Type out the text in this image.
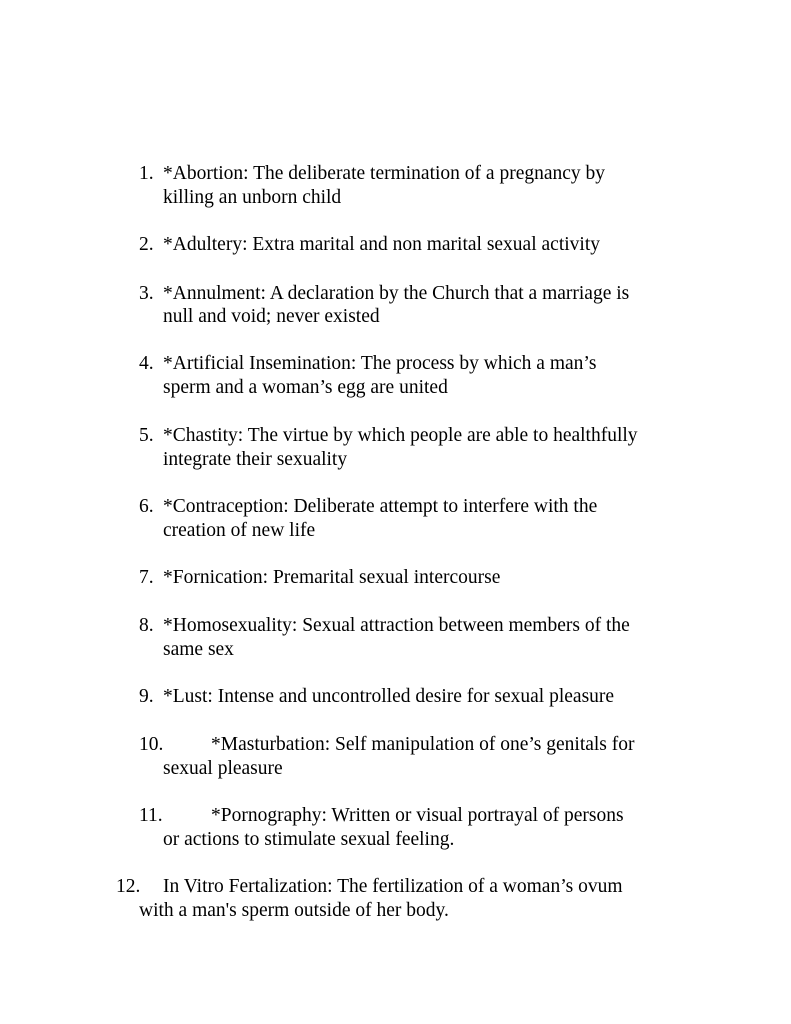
1. *Abortion: The deliberate termination of a pregnancy by
killing an unborn child
2. *Adultery: Extra marital and non marital sexual activity
3. *Annulment: A declaration by the Church that a marriage is
null and void; never existed
4. *Artificial Insemination: The process by which a man’s
sperm and a woman’s egg are united
5. *Chastity: The virtue by which people are able to healthfully
integrate their sexuality
6. *Contraception: Deliberate attempt to interfere with the
creation of new life
7. *Fornication: Premarital sexual intercourse
8. *Homosexuality: Sexual attraction between members of the
same sex
9. *Lust: Intense and uncontrolled desire for sexual pleasure
10. *Masturbation: Self manipulation of one’s genitals for
sexual pleasure
11. *Pornography: Written or visual portrayal of persons
or actions to stimulate sexual feeling.
12. In Vitro Fertalization: The fertilization of a woman’s ovum
with a man's sperm outside of her body.
